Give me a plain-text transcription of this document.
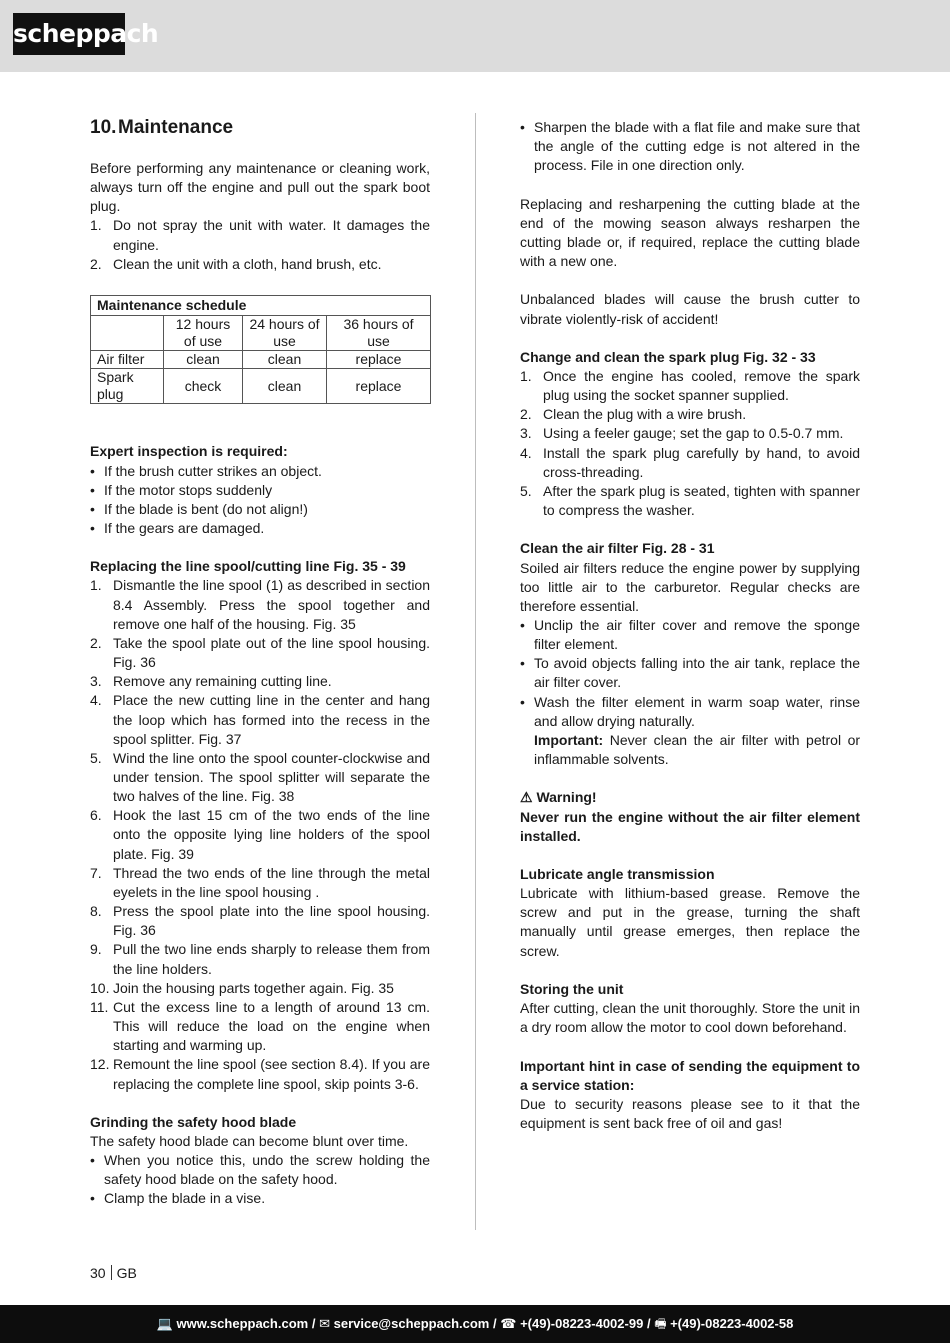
scheppach
10.Maintenance

Before performing any maintenance or cleaning work, always turn off the engine and pull out the spark boot plug.

1. Do not spray the unit with water. It damages the engine.
2. Clean the unit with a cloth, hand brush, etc.
Maintenance schedule			
	12 hours of use	24 hours of use	36 hours of use
Air filter	clean	clean	replace
Spark plug	check	clean	replace

Expert inspection is required:

• If the brush cutter strikes an object.
• If the motor stops suddenly
• If the blade is bent (do not align!)
• If the gears are damaged.

Replacing the line spool/cutting line Fig. 35 - 39

1. Dismantle the line spool (1) as described in section 8.4 Assembly. Press the spool together and remove one half of the housing. Fig. 35
2. Take the spool plate out of the line spool housing. Fig. 36
3. Remove any remaining cutting line.
4. Place the new cutting line in the center and hang the loop which has formed into the recess in the spool splitter. Fig. 37
5. Wind the line onto the spool counter-clockwise and under tension. The spool splitter will separate the two halves of the line. Fig. 38
6. Hook the last 15 cm of the two ends of the line onto the opposite lying line holders of the spool plate. Fig. 39
7. Thread the two ends of the line through the metal eyelets in the line spool housing .
8. Press the spool plate into the line spool housing. Fig. 36
9. Pull the two line ends sharply to release them from the line holders.
10. Join the housing parts together again. Fig. 35
11. Cut the excess line to a length of around 13 cm. This will reduce the load on the engine when starting and warming up.
12. Remount the line spool (see section 8.4). If you are replacing the complete line spool, skip points 3-6.

Grinding the safety hood blade

The safety hood blade can become blunt over time.

• When you notice this, undo the screw holding the safety hood blade on the safety hood.
• Clamp the blade in a vise.
• Sharpen the blade with a flat file and make sure that the angle of the cutting edge is not altered in the process. File in one direction only.

Replacing and resharpening the cutting blade at the end of the mowing season always resharpen the cutting blade or, if required, replace the cutting blade with a new one.

Unbalanced blades will cause the brush cutter to vibrate violently-risk of accident!

Change and clean the spark plug Fig. 32 - 33

1. Once the engine has cooled, remove the spark plug using the socket spanner supplied.
2. Clean the plug with a wire brush.
3. Using a feeler gauge; set the gap to 0.5-0.7 mm.
4. Install the spark plug carefully by hand, to avoid cross-threading.
5. After the spark plug is seated, tighten with spanner to compress the washer.

Clean the air filter Fig. 28 - 31

Soiled air filters reduce the engine power by supplying too little air to the carburetor. Regular checks are therefore essential.

• Unclip the air filter cover and remove the sponge filter element.
• To avoid objects falling into the air tank, replace the air filter cover.
• Wash the filter element in warm soap water, rinse and allow drying naturally.
Important: Never clean the air filter with petrol or inflammable solvents.

⚠ Warning!

Never run the engine without the air filter element installed.

Lubricate angle transmission

Lubricate with lithium-based grease. Remove the screw and put in the grease, turning the shaft manually until grease emerges, then replace the screw.

Storing the unit

After cutting, clean the unit thoroughly. Store the unit in a dry room allow the motor to cool down beforehand.

Important hint in case of sending the equipment to a service station:

Due to security reasons please see to it that the equipment is sent back free of oil and gas!

30 GB
💻 www.scheppach.com / ✉ service@scheppach.com / ☎ +(49)-08223-4002-99 / 🖷 +(49)-08223-4002-58
